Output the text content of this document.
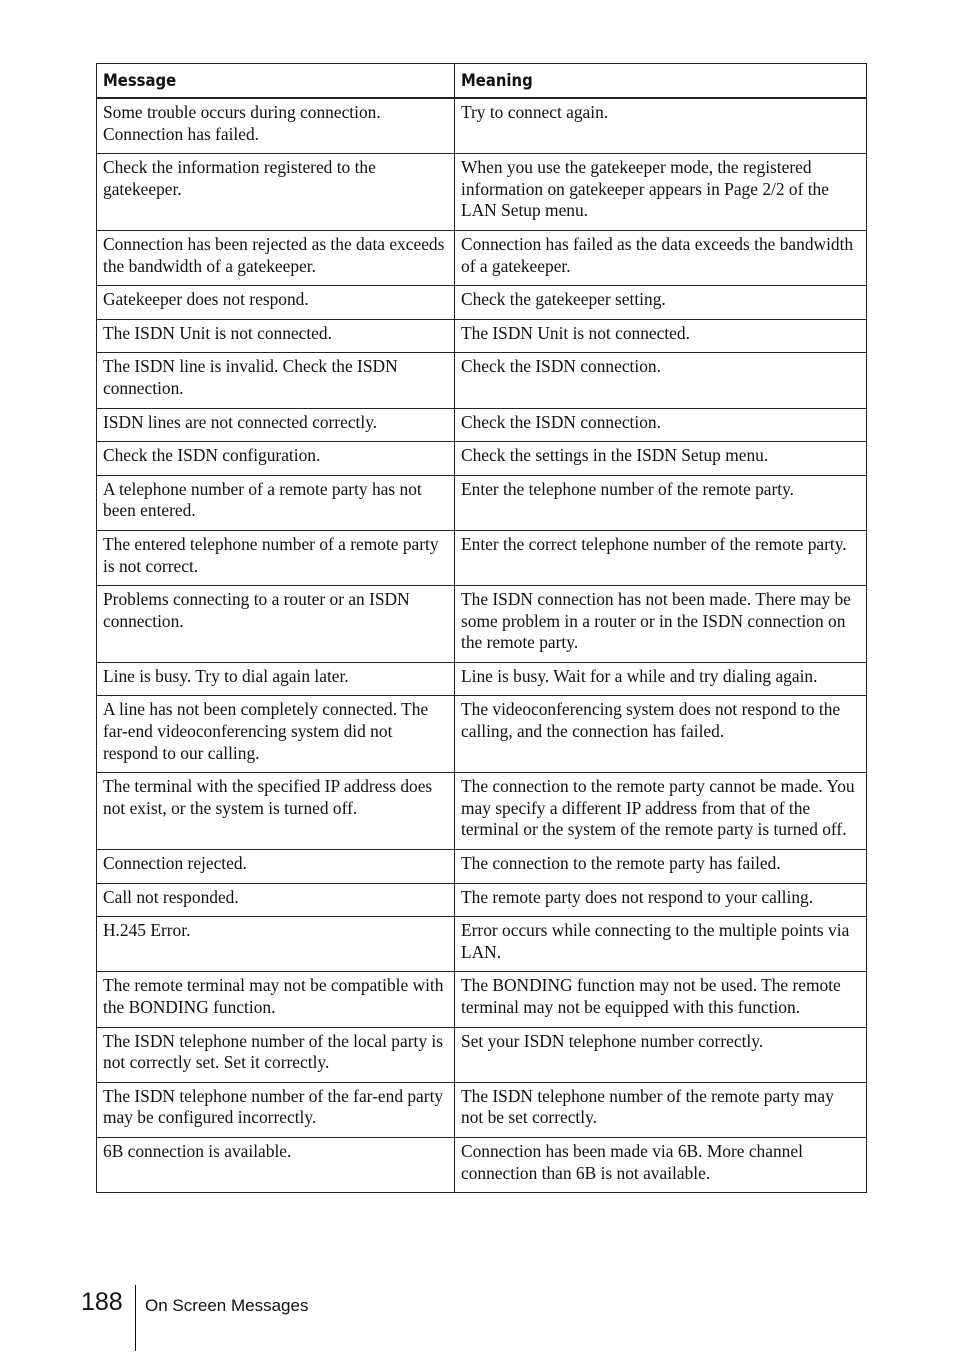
Message	Meaning
Some trouble occurs during connection. Connection has failed.	Try to connect again.
Check the information registered to the gatekeeper.	When you use the gatekeeper mode, the registered information on gatekeeper appears in Page 2/2 of the LAN Setup menu.
Connection has been rejected as the data exceeds the bandwidth of a gatekeeper.	Connection has failed as the data exceeds the bandwidth of a gatekeeper.
Gatekeeper does not respond.	Check the gatekeeper setting.
The ISDN Unit is not connected.	The ISDN Unit is not connected.
The ISDN line is invalid. Check the ISDN connection.	Check the ISDN connection.
ISDN lines are not connected correctly.	Check the ISDN connection.
Check the ISDN configuration.	Check the settings in the ISDN Setup menu.
A telephone number of a remote party has not been entered.	Enter the telephone number of the remote party.
The entered telephone number of a remote party is not correct.	Enter the correct telephone number of the remote party.
Problems connecting to a router or an ISDN connection.	The ISDN connection has not been made. There may be some problem in a router or in the ISDN connection on the remote party.
Line is busy. Try to dial again later.	Line is busy. Wait for a while and try dialing again.
A line has not been completely connected. The far-end videoconferencing system did not respond to our calling.	The videoconferencing system does not respond to the calling, and the connection has failed.
The terminal with the specified IP address does not exist, or the system is turned off.	The connection to the remote party cannot be made. You may specify a different IP address from that of the terminal or the system of the remote party is turned off.
Connection rejected.	The connection to the remote party has failed.
Call not responded.	The remote party does not respond to your calling.
H.245 Error.	Error occurs while connecting to the multiple points via LAN.
The remote terminal may not be compatible with the BONDING function.	The BONDING function may not be used. The remote terminal may not be equipped with this function.
The ISDN telephone number of the local party is not correctly set. Set it correctly.	Set your ISDN telephone number correctly.
The ISDN telephone number of the far-end party may be configured incorrectly.	The ISDN telephone number of the remote party may not be set correctly.
6B connection is available.	Connection has been made via 6B. More channel connection than 6B is not available.
188 On Screen Messages
